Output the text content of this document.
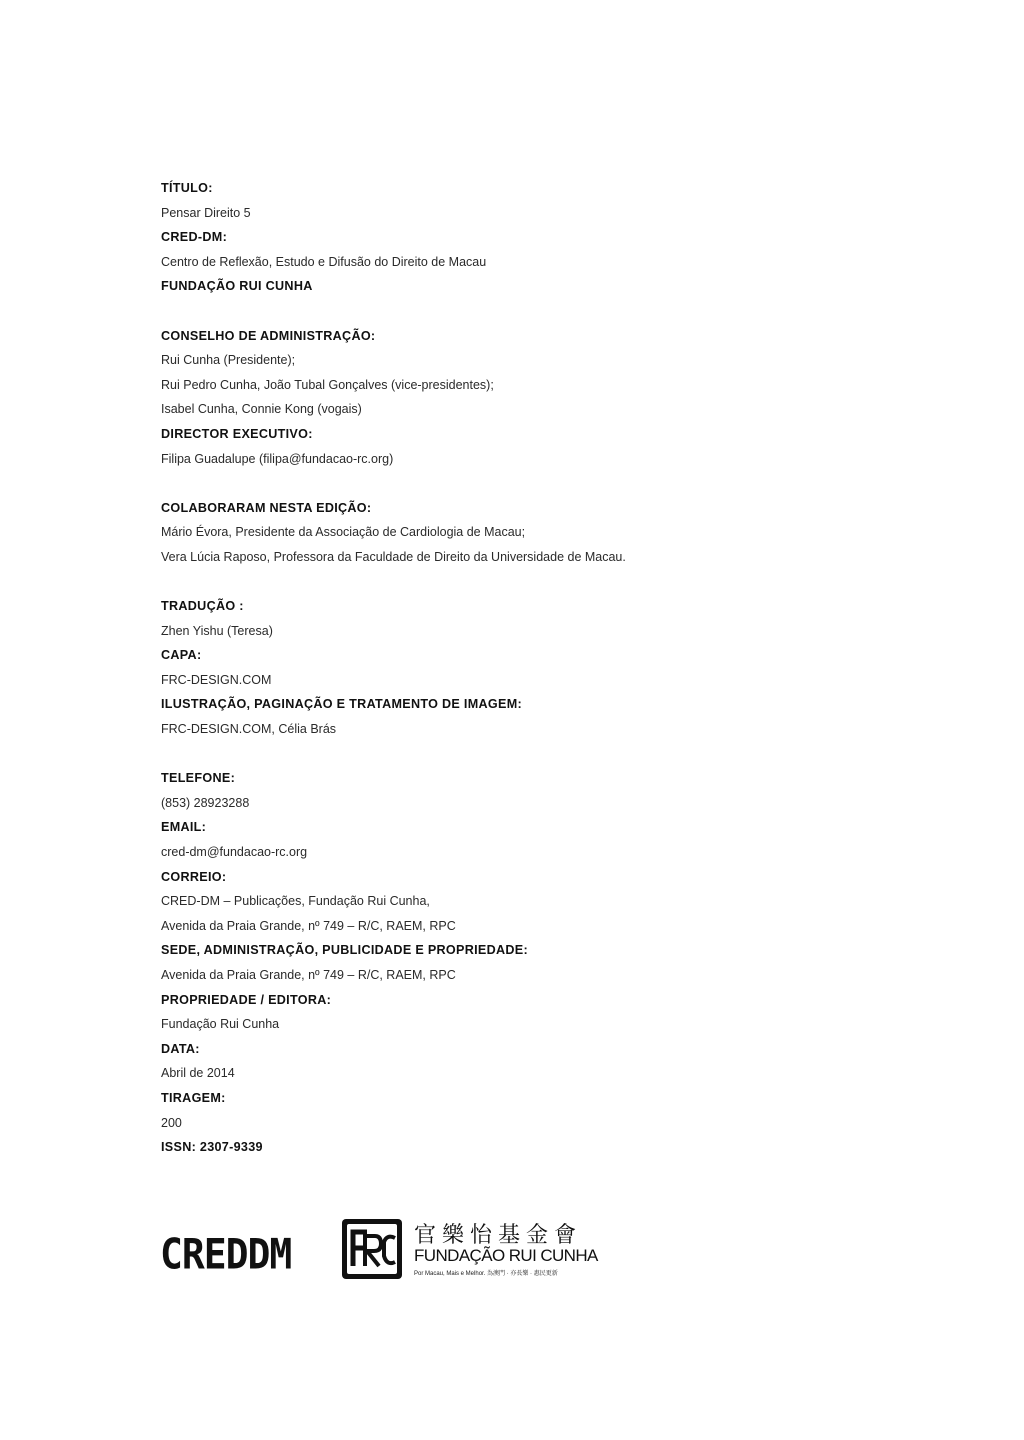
TÍTULO:
Pensar Direito 5
CRED-DM:
Centro de Reflexão, Estudo e Difusão do Direito de Macau
FUNDAÇÃO RUI CUNHA
CONSELHO DE ADMINISTRAÇÃO:
Rui Cunha (Presidente);
Rui Pedro Cunha, João Tubal Gonçalves (vice-presidentes);
Isabel Cunha, Connie Kong (vogais)
DIRECTOR EXECUTIVO:
Filipa Guadalupe (filipa@fundacao-rc.org)
COLABORARAM NESTA EDIÇÃO:
Mário Évora, Presidente da Associação de Cardiologia de Macau;
Vera Lúcia Raposo, Professora da Faculdade de Direito da Universidade de Macau.
TRADUÇÃO :
Zhen Yishu (Teresa)
CAPA:
FRC-DESIGN.COM
ILUSTRAÇÃO, PAGINAÇÃO E TRATAMENTO DE IMAGEM:
FRC-DESIGN.COM, Célia Brás
TELEFONE:
(853) 28923288
EMAIL:
cred-dm@fundacao-rc.org
CORREIO:
CRED-DM – Publicações, Fundação Rui Cunha,
Avenida da Praia Grande, nº 749 – R/C, RAEM, RPC
SEDE, ADMINISTRAÇÃO, PUBLICIDADE E PROPRIEDADE:
Avenida da Praia Grande, nº 749 – R/C, RAEM, RPC
PROPRIEDADE / EDITORA:
Fundação Rui Cunha
DATA:
Abril de 2014
TIRAGEM:
200
ISSN: 2307-9339
CREDDM	官樂怡基金會
FUNDAÇÃO RUI CUNHA
Por Macau, Mais e Melhor. 為澳門 · 亦長樂 · 惠民更新
